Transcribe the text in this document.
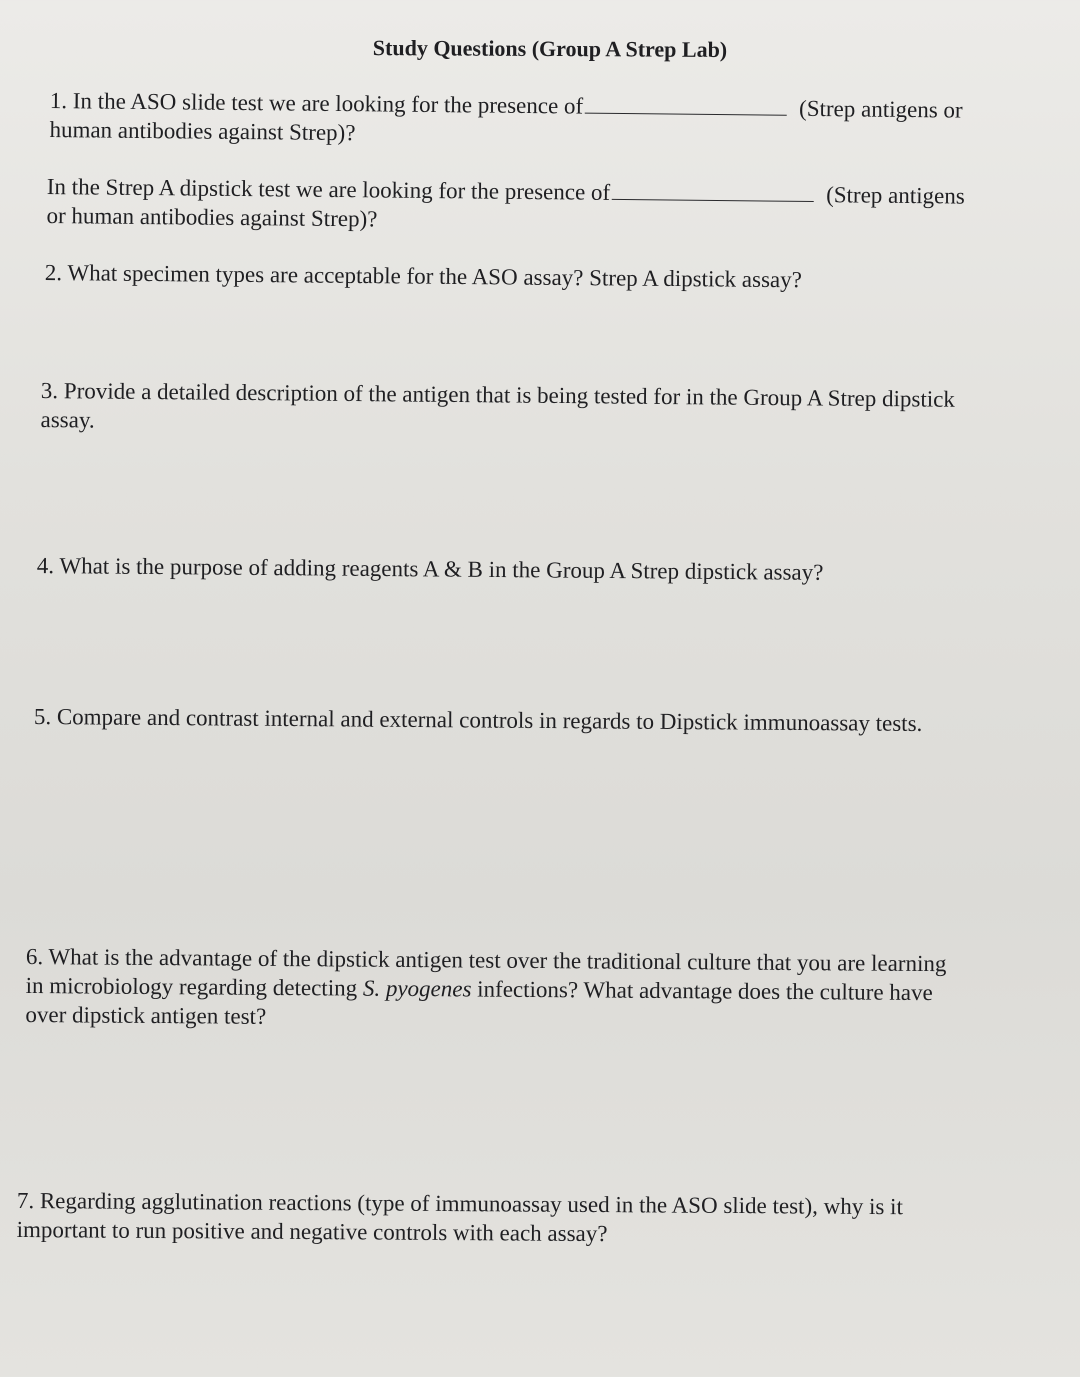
Study Questions (Group A Strep Lab)
1. In the ASO slide test we are looking for the presence of	(Strep antigens or

human antibodies against Strep)?

In the Strep A dipstick test we are looking for the presence of	(Strep antigens

or human antibodies against Strep)?

2. What specimen types are acceptable for the ASO assay? Strep A dipstick assay?

3. Provide a detailed description of the antigen that is being tested for in the Group A Strep dipstick

assay.

4. What is the purpose of adding reagents A & B in the Group A Strep dipstick assay?

5. Compare and contrast internal and external controls in regards to Dipstick immunoassay tests.

6. What is the advantage of the dipstick antigen test over the traditional culture that you are learning

in microbiology regarding detecting S. pyogenes infections? What advantage does the culture have

over dipstick antigen test?

7. Regarding agglutination reactions (type of immunoassay used in the ASO slide test), why is it

important to run positive and negative controls with each assay?
